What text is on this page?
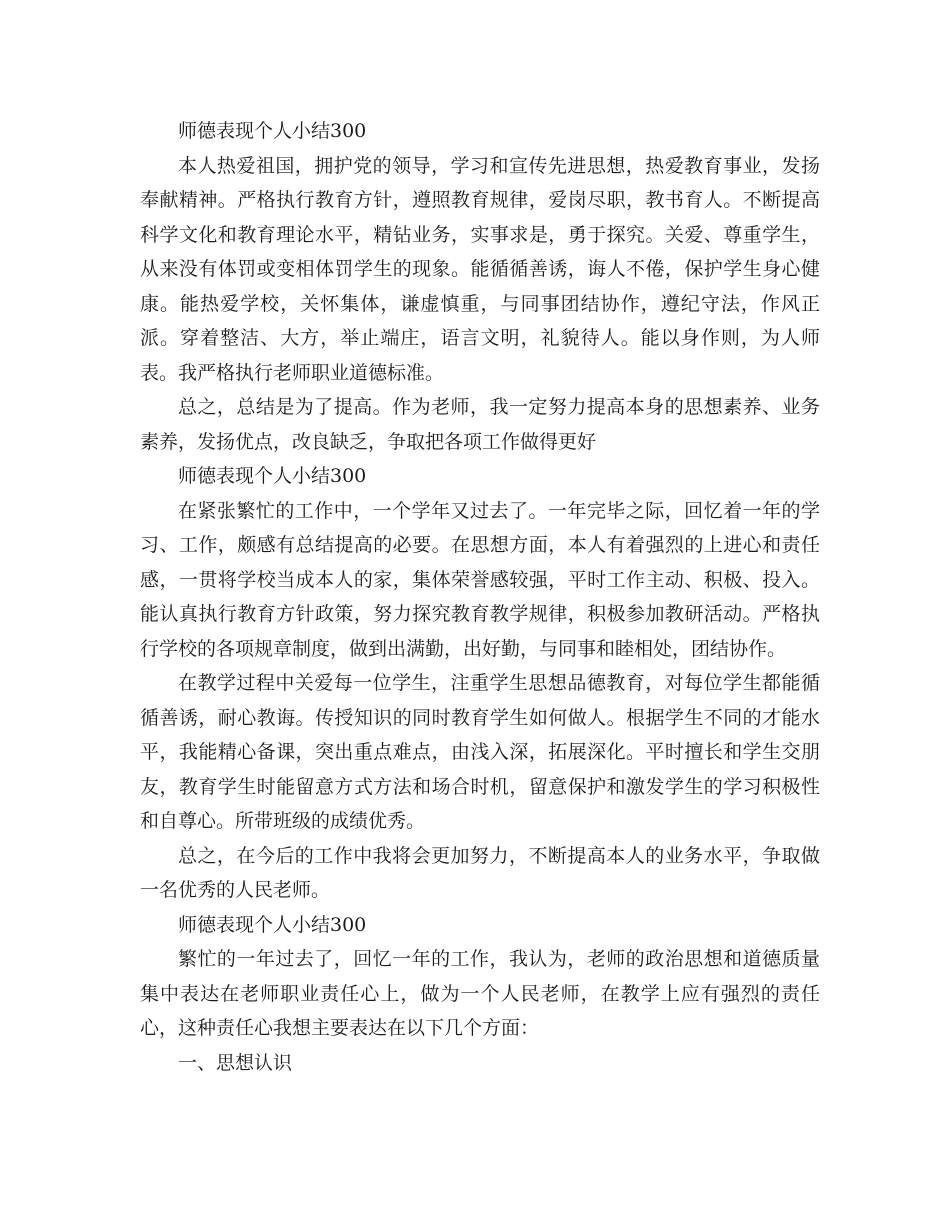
师德表现个人小结300

本人热爱祖国，拥护党的领导，学习和宣传先进思想，热爱教育事业，发扬奉献精神。严格执行教育方针，遵照教育规律，爱岗尽职，教书育人。不断提高科学文化和教育理论水平，精钻业务，实事求是，勇于探究。关爱、尊重学生，从来没有体罚或变相体罚学生的现象。能循循善诱，诲人不倦，保护学生身心健康。能热爱学校，关怀集体，谦虚慎重，与同事团结协作，遵纪守法，作风正派。穿着整洁、大方，举止端庄，语言文明，礼貌待人。能以身作则，为人师表。我严格执行老师职业道德标准。

总之，总结是为了提高。作为老师，我一定努力提高本身的思想素养、业务素养，发扬优点，改良缺乏，争取把各项工作做得更好

师德表现个人小结300

在紧张繁忙的工作中，一个学年又过去了。一年完毕之际，回忆着一年的学习、工作，颇感有总结提高的必要。在思想方面，本人有着强烈的上进心和责任感，一贯将学校当成本人的家，集体荣誉感较强，平时工作主动、积极、投入。能认真执行教育方针政策，努力探究教育教学规律，积极参加教研活动。严格执行学校的各项规章制度，做到出满勤，出好勤，与同事和睦相处，团结协作。

在教学过程中关爱每一位学生，注重学生思想品德教育，对每位学生都能循循善诱，耐心教诲。传授知识的同时教育学生如何做人。根据学生不同的才能水平，我能精心备课，突出重点难点，由浅入深，拓展深化。平时擅长和学生交朋友，教育学生时能留意方式方法和场合时机，留意保护和激发学生的学习积极性和自尊心。所带班级的成绩优秀。

总之，在今后的工作中我将会更加努力，不断提高本人的业务水平，争取做一名优秀的人民老师。

师德表现个人小结300

繁忙的一年过去了，回忆一年的工作，我认为，老师的政治思想和道德质量集中表达在老师职业责任心上，做为一个人民老师，在教学上应有强烈的责任心，这种责任心我想主要表达在以下几个方面：

一、思想认识
